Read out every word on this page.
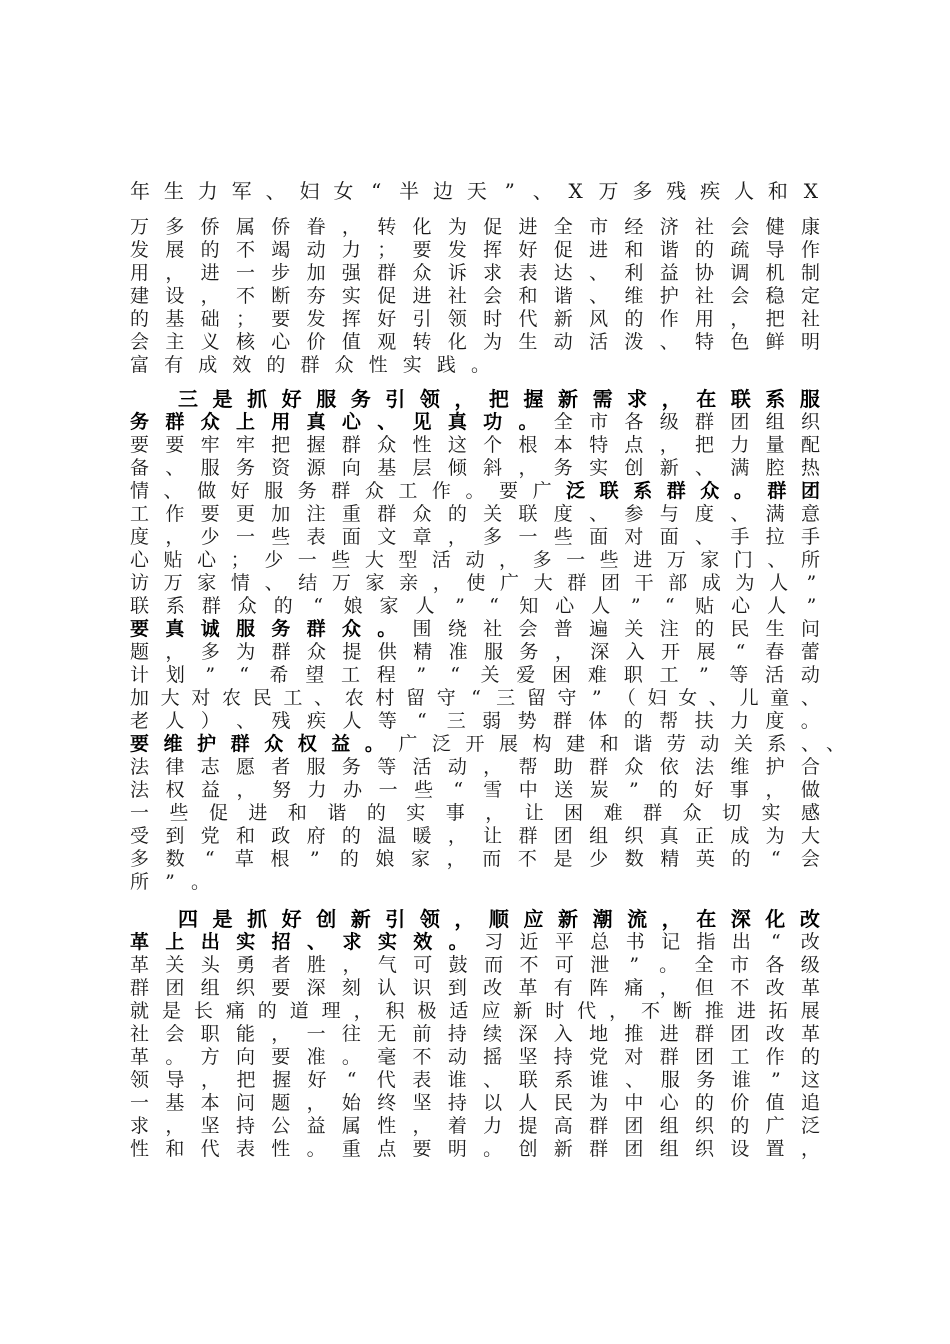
年 生 力 军 、 妇 女 “ 半 边 天 ” 、 X 万 多 残 疾 人 和 X
万 多 侨 属 侨 眷 ， 转 化 为 促 进 全 市 经 济 社 会 健 康
发 展 的 不 竭 动 力 ； 要 发 挥 好 促 进 和 谐 的 疏 导 作
用 ， 进 一 步 加 强 群 众 诉 求 表 达 、 利 益 协 调 机 制
建 设 ， 不 断 夯 实 促 进 社 会 和 谐 、 维 护 社 会 稳 定
的 基 础 ； 要 发 挥 好 引 领 时 代 新 风 的 作 用 ， 把 社
会 主 义 核 心 价 值 观 转 化 为 生 动 活 泼 、 特 色 鲜 明
富 有 成 效 的 群 众 性 实 践 。
三 是 抓 好 服 务 引 领 ， 把 握 新 需 求 ， 在 联 系 服
务 群 众 上 用 真 心 、 见 真 功 。 全 市 各 级 群 团 组 织
要 要 牢 牢 把 握 群 众 性 这 个 根 本 特 点 ， 把 力 量 配
备 、 服 务 资 源 向 基 层 倾 斜 ， 务 实 创 新 、 满 腔 热
情 、 做 好 服 务 群 众 工 作 。 要 广 泛 联 系 群 众 。 群 团
工 作 要 更 加 注 重 群 众 的 关 联 度 、 参 与 度 、 满 意
度 ， 少 一 些 表 面 文 章 ， 多 一 些 面 对 面 、 手 拉 手
心 贴 心 ； 少 一 些 大 型 活 动 ， 多 一 些 进 万 家 门 、 所
访 万 家 情 、 结 万 家 亲 ， 使 广 大 群 团 干 部 成 为 人 ”
联 系 群 众 的 “ 娘 家 人 ” “ 知 心 人 ” “ 贴 心 人 ”
要 真 诚 服 务 群 众 。 围 绕 社 会 普 遍 关 注 的 民 生 问
题 ， 多 为 群 众 提 供 精 准 服 务 ， 深 入 开 展 “ 春 蕾
计 划 ” “ 希 望 工 程 ” “ 关 爱 困 难 职 工 ” 等 活 动
加 大 对 农 民 工 、 农 村 留 守 “ 三 留 守 ” （ 妇 女 、 儿 童 、
老 人 ） 、 残 疾 人 等 “ 三 弱 势 群 体 的 帮 扶 力 度 。
要 维 护 群 众 权 益 。 广 泛 开 展 构 建 和 谐 劳 动 关 系 、
法 律 志 愿 者 服 务 等 活 动 ， 帮 助 群 众 依 法 维 护 合
法 权 益 ， 努 力 办 一 些 “ 雪 中 送 炭 ” 的 好 事 ， 做
一 些 促 进 和 谐 的 实 事 ， 让 困 难 群 众 切 实 感
受 到 党 和 政 府 的 温 暖 ， 让 群 团 组 织 真 正 成 为 大
多 数 “ 草 根 ” 的 娘 家 ， 而 不 是 少 数 精 英 的 “ 会
所 ” 。
、
四 是 抓 好 创 新 引 领 ， 顺 应 新 潮 流 ， 在 深 化 改
革 上 出 实 招 、 求 实 效 。 习 近 平 总 书 记 指 出 “ 改
革 关 头 勇 者 胜 ， 气 可 鼓 而 不 可 泄 ” 。 全 市 各 级
群 团 组 织 要 深 刻 认 识 到 改 革 有 阵 痛 ， 但 不 改 革
就 是 长 痛 的 道 理 ， 积 极 适 应 新 时 代 ， 不 断 推 进 拓 展
社 会 职 能 ， 一 往 无 前 持 续 深 入 地 推 进 群 团 改 革
革 。 方 向 要 准 。 毫 不 动 摇 坚 持 党 对 群 团 工 作 的
领 导 ， 把 握 好 “ 代 表 谁 、 联 系 谁 、 服 务 谁 ” 这
一 基 本 问 题 ， 始 终 坚 持 以 人 民 为 中 心 的 价 值 追
求 ， 坚 持 公 益 属 性 ， 着 力 提 高 群 团 组 织 的 广 泛
性 和 代 表 性 。 重 点 要 明 。 创 新 群 团 组 织 设 置 ，
